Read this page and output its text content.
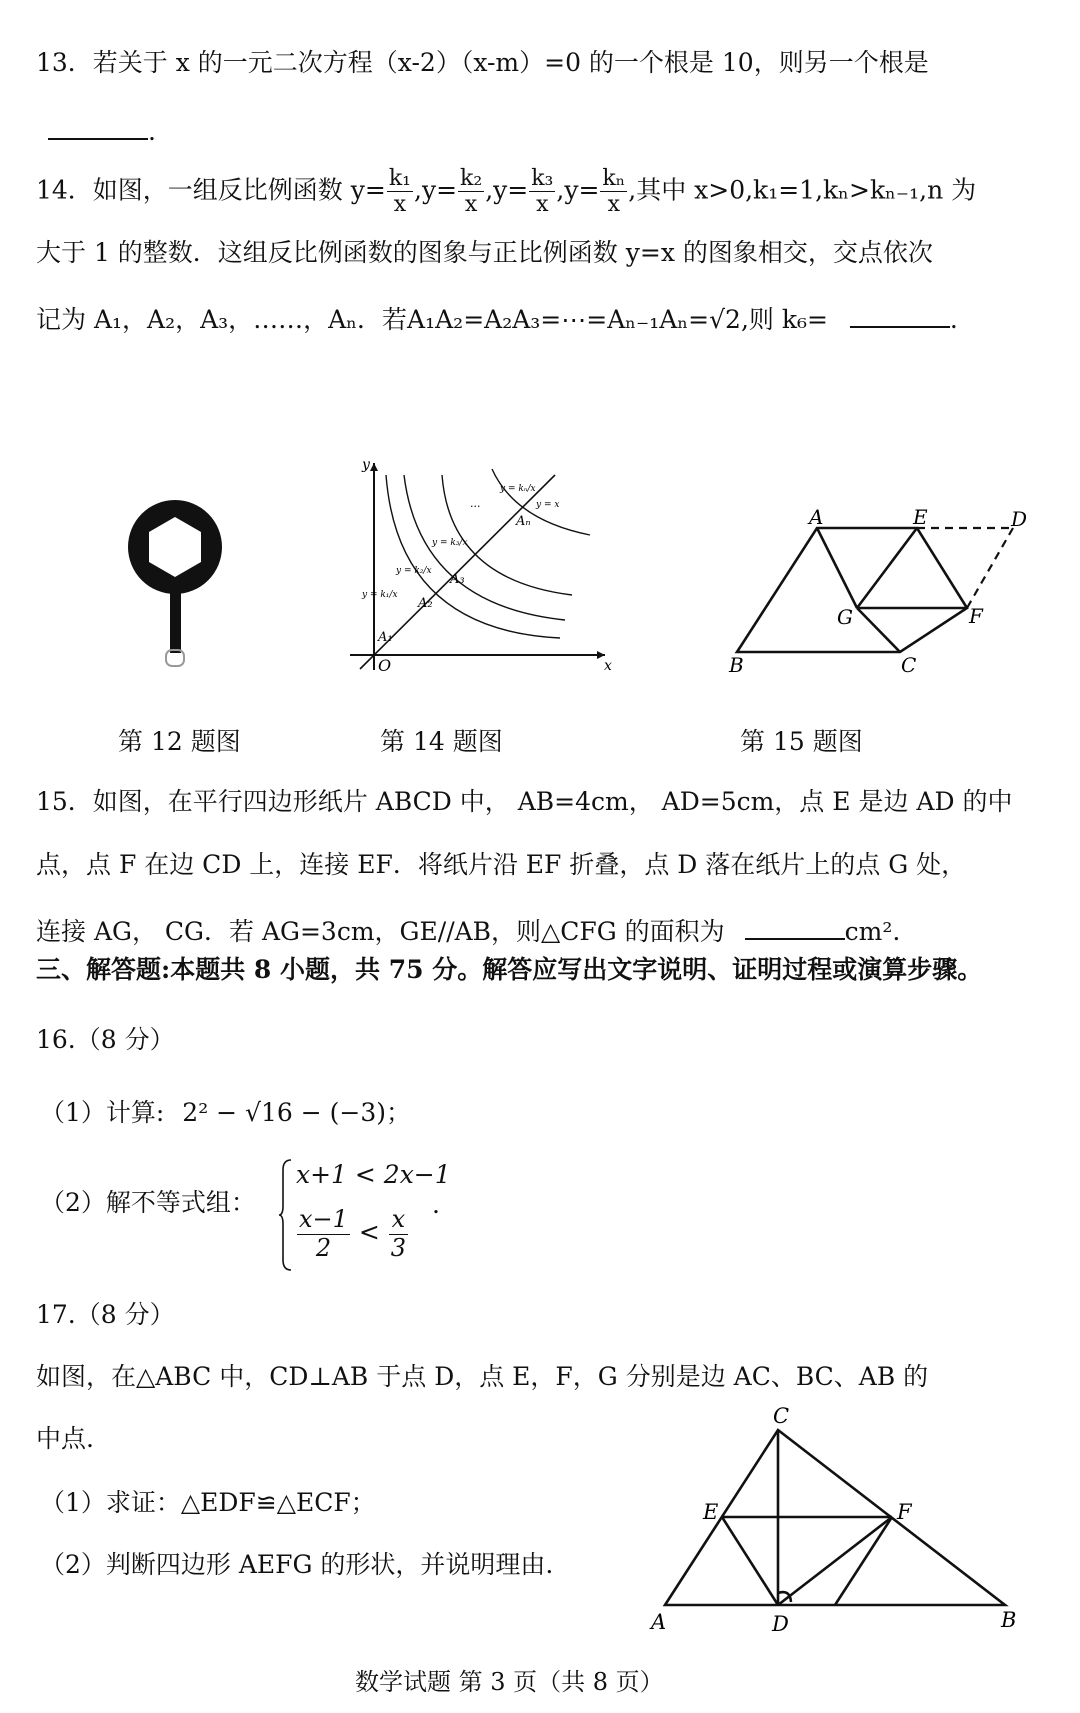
13．若关于 x 的一元二次方程（x-2）（x-m）=0 的一个根是 10，则另一个根是
.
14．如图，一组反比例函数 $y= \frac{\text{k₁}}{x} ,y= \frac{\text{k₂}}{x} ,y= \frac{\text{k₃}}{x} ,y= \frac{\text{kₙ}}{x}$ ,其中 x>0,k₁=1,kₙ>kₙ₋₁,n 为
大于 1 的整数．这组反比例函数的图象与正比例函数 y=x 的图象相交，交点依次
记为 A₁，A₂，A₃，……，Aₙ．若A₁A₂=A₂A₃=⋯=Aₙ₋₁Aₙ=√2,则 k₆=	.
y
x
O
A₁
A₂
A₃
Aₙ
y = k₁/x
y = k₂/x
y = k₃/x
y = kₙ/x
y = x
...
A	E	D
G	F
B	C
第 12 题图	第 14 题图	第 15 题图
15．如图，在平行四边形纸片 ABCD 中， AB=4cm， AD=5cm，点 E 是边 AD 的中
点，点 F 在边 CD 上，连接 EF．将纸片沿 EF 折叠，点 D 落在纸片上的点 G 处，
连接 AG， CG．若 AG=3cm，GE//AB，则△CFG 的面积为	cm².
三、解答题:本题共 8 小题，共 75 分。解答应写出文字说明、证明过程或演算步骤。
16.（8 分）
（1）计算: 2² − √16 − (−3)；
（2）解不等式组：
x+1 < 2x−1
$\frac{x-1}{2} < \frac{x}{3}$
.
17.（8 分）
如图，在△ABC 中，CD⊥AB 于点 D，点 E，F，G 分别是边 AC、BC、AB 的
中点.
（1）求证：△EDF≌△ECF；
（2）判断四边形 AEFG 的形状，并说明理由.
C
E	F
A	D	B
数学试题 第 3 页（共 8 页）
